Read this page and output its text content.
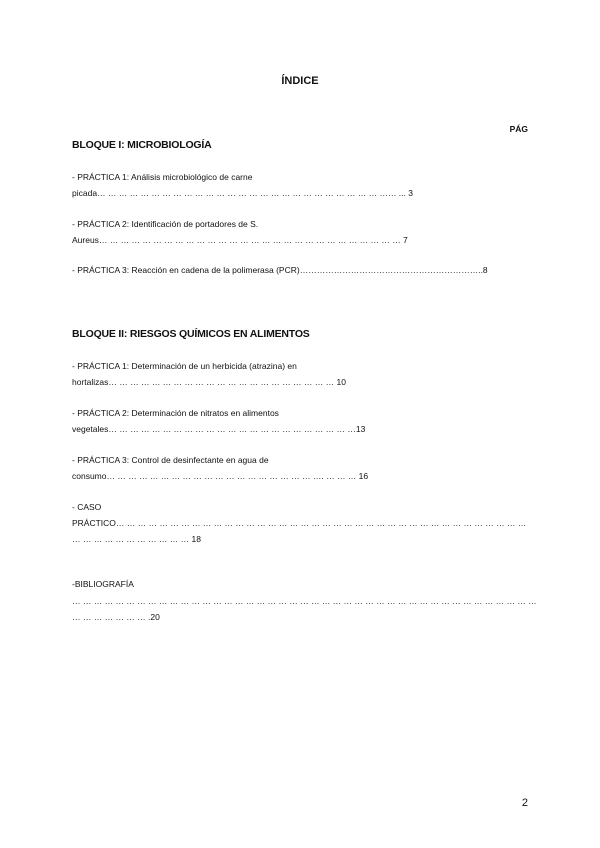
ÍNDICE
PÁG
BLOQUE I: MICROBIOLOGÍA
- PRÁCTICA 1: Análisis microbiológico de carne
picada… … … … … … … … … … … … … … … … … … … … … … … … … … …… ... 3
- PRÁCTICA 2: Identificación de portadores de S.
Aureus… … … … … … … … … … … … … … … … … … … … … … … … … … … … 7
- PRÁCTICA 3: Reacción en cadena de la polimerasa (PCR)………………………………………………………..8
BLOQUE II: RIESGOS QUÍMICOS EN ALIMENTOS
- PRÁCTICA 1: Determinación de un herbicida (atrazina) en
hortalizas… … … … … … … … … … … … … … … … … … … … … 10
- PRÁCTICA 2: Determinación de nitratos en alimentos
vegetales… … … … … … … … … … … … … … … … … … … … … … …13
- PRÁCTICA 3: Control de desinfectante en agua de
consumo… … … … … … … … … … … … … … … … … … … …. … … … 16
- CASO
PRÁCTICO… … … … … … … … … … … … … … … … … … … … … … … … … … … … … … … … … … … … … …
… … … … … … … … … … … 18
-BIBLIOGRAFÍA
… … … … … … … … … … … … … … … … … … … … … … … … … … … … … … … … … … … … … … … … … … …
… … … … … … … .20
2
